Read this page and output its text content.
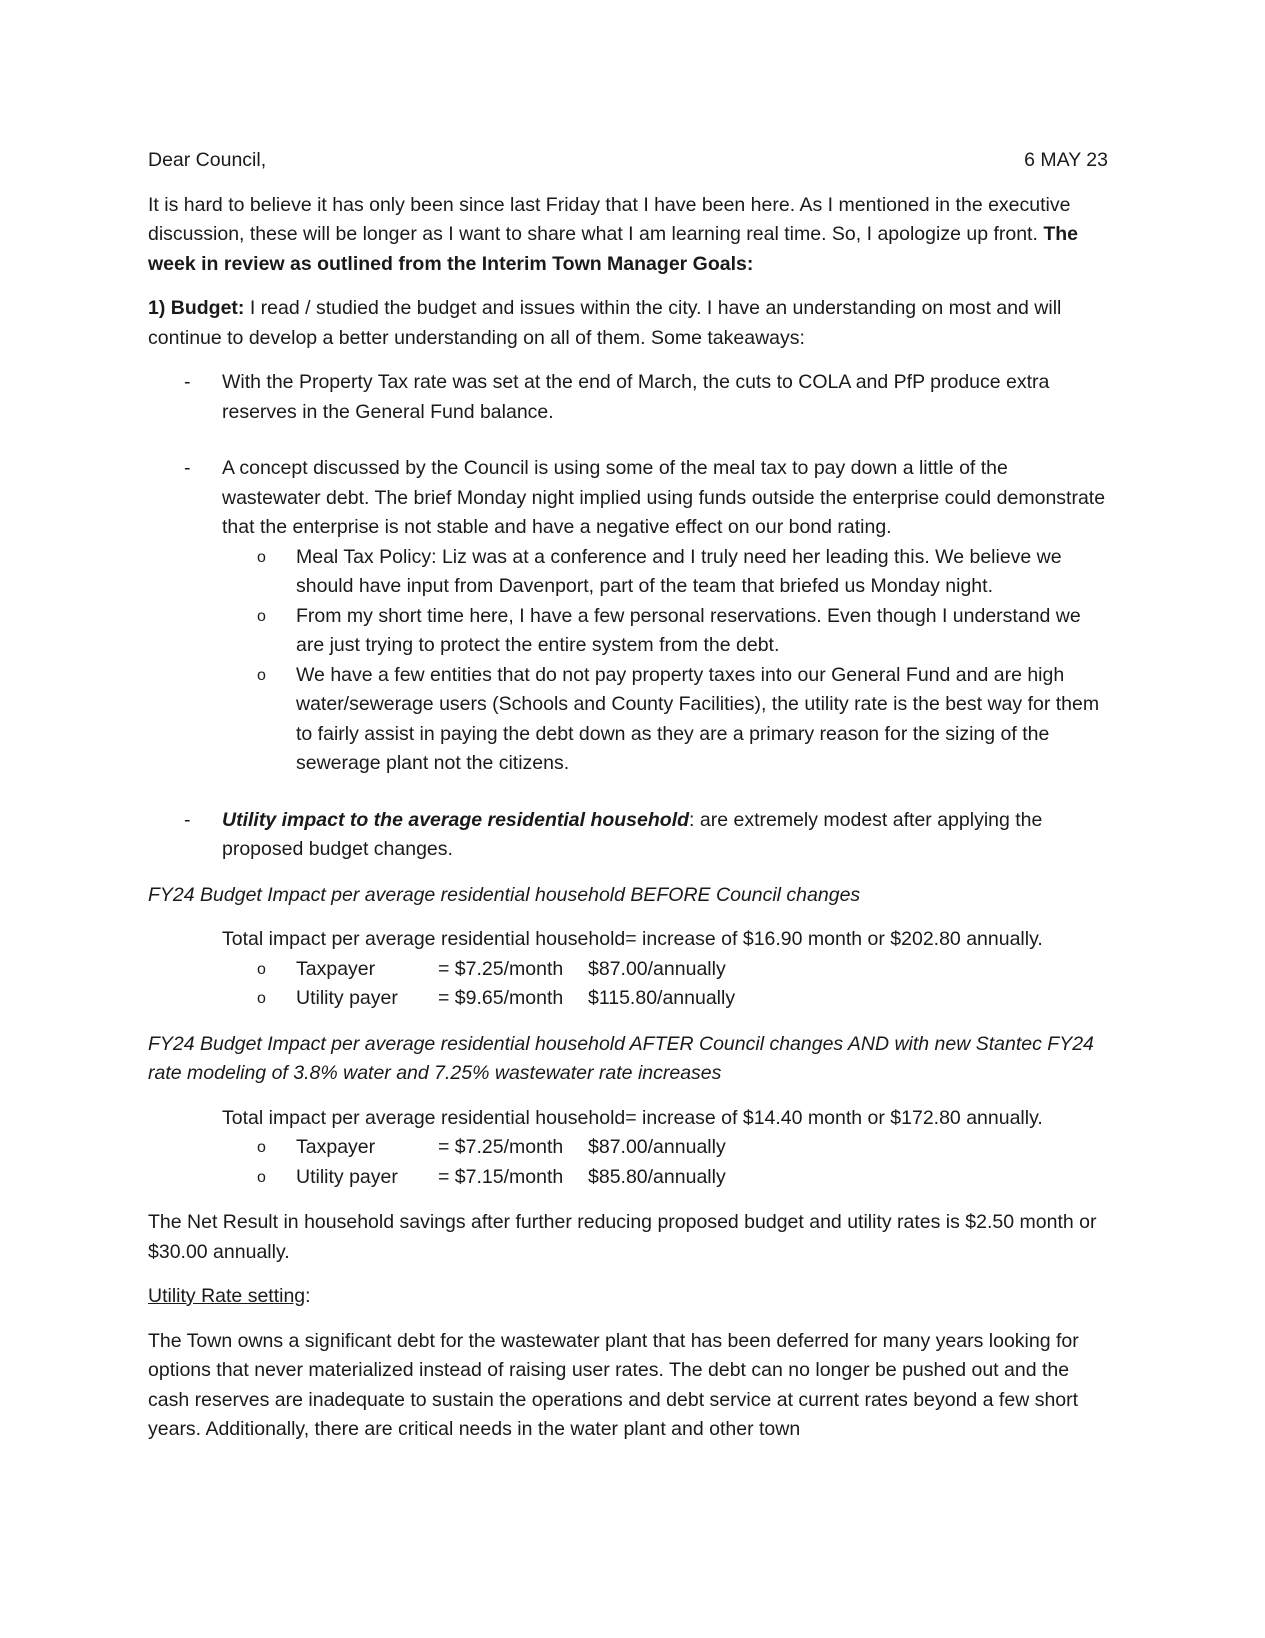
Dear Council,	6 MAY 23

It is hard to believe it has only been since last Friday that I have been here. As I mentioned in the executive discussion, these will be longer as I want to share what I am learning real time. So, I apologize up front. The week in review as outlined from the Interim Town Manager Goals:

1) Budget: I read / studied the budget and issues within the city. I have an understanding on most and will continue to develop a better understanding on all of them. Some takeaways:

- With the Property Tax rate was set at the end of March, the cuts to COLA and PfP produce extra reserves in the General Fund balance.
- A concept discussed by the Council is using some of the meal tax to pay down a little of the wastewater debt. The brief Monday night implied using funds outside the enterprise could demonstrate that the enterprise is not stable and have a negative effect on our bond rating.
o Meal Tax Policy: Liz was at a conference and I truly need her leading this. We believe we should have input from Davenport, part of the team that briefed us Monday night.
o From my short time here, I have a few personal reservations. Even though I understand we are just trying to protect the entire system from the debt.
o We have a few entities that do not pay property taxes into our General Fund and are high water/sewerage users (Schools and County Facilities), the utility rate is the best way for them to fairly assist in paying the debt down as they are a primary reason for the sizing of the sewerage plant not the citizens.
- Utility impact to the average residential household: are extremely modest after applying the proposed budget changes.

FY24 Budget Impact per average residential household BEFORE Council changes

Total impact per average residential household= increase of $16.90 month or $202.80 annually.

o Taxpayer	= $7.25/month	$87.00/annually
o Utility payer	= $9.65/month	$115.80/annually

FY24 Budget Impact per average residential household AFTER Council changes AND with new Stantec FY24 rate modeling of 3.8% water and 7.25% wastewater rate increases

Total impact per average residential household= increase of $14.40 month or $172.80 annually.

o Taxpayer	= $7.25/month	$87.00/annually
o Utility payer	= $7.15/month	$85.80/annually

The Net Result in household savings after further reducing proposed budget and utility rates is $2.50 month or $30.00 annually.

Utility Rate setting:

The Town owns a significant debt for the wastewater plant that has been deferred for many years looking for options that never materialized instead of raising user rates. The debt can no longer be pushed out and the cash reserves are inadequate to sustain the operations and debt service at current rates beyond a few short years. Additionally, there are critical needs in the water plant and other town
